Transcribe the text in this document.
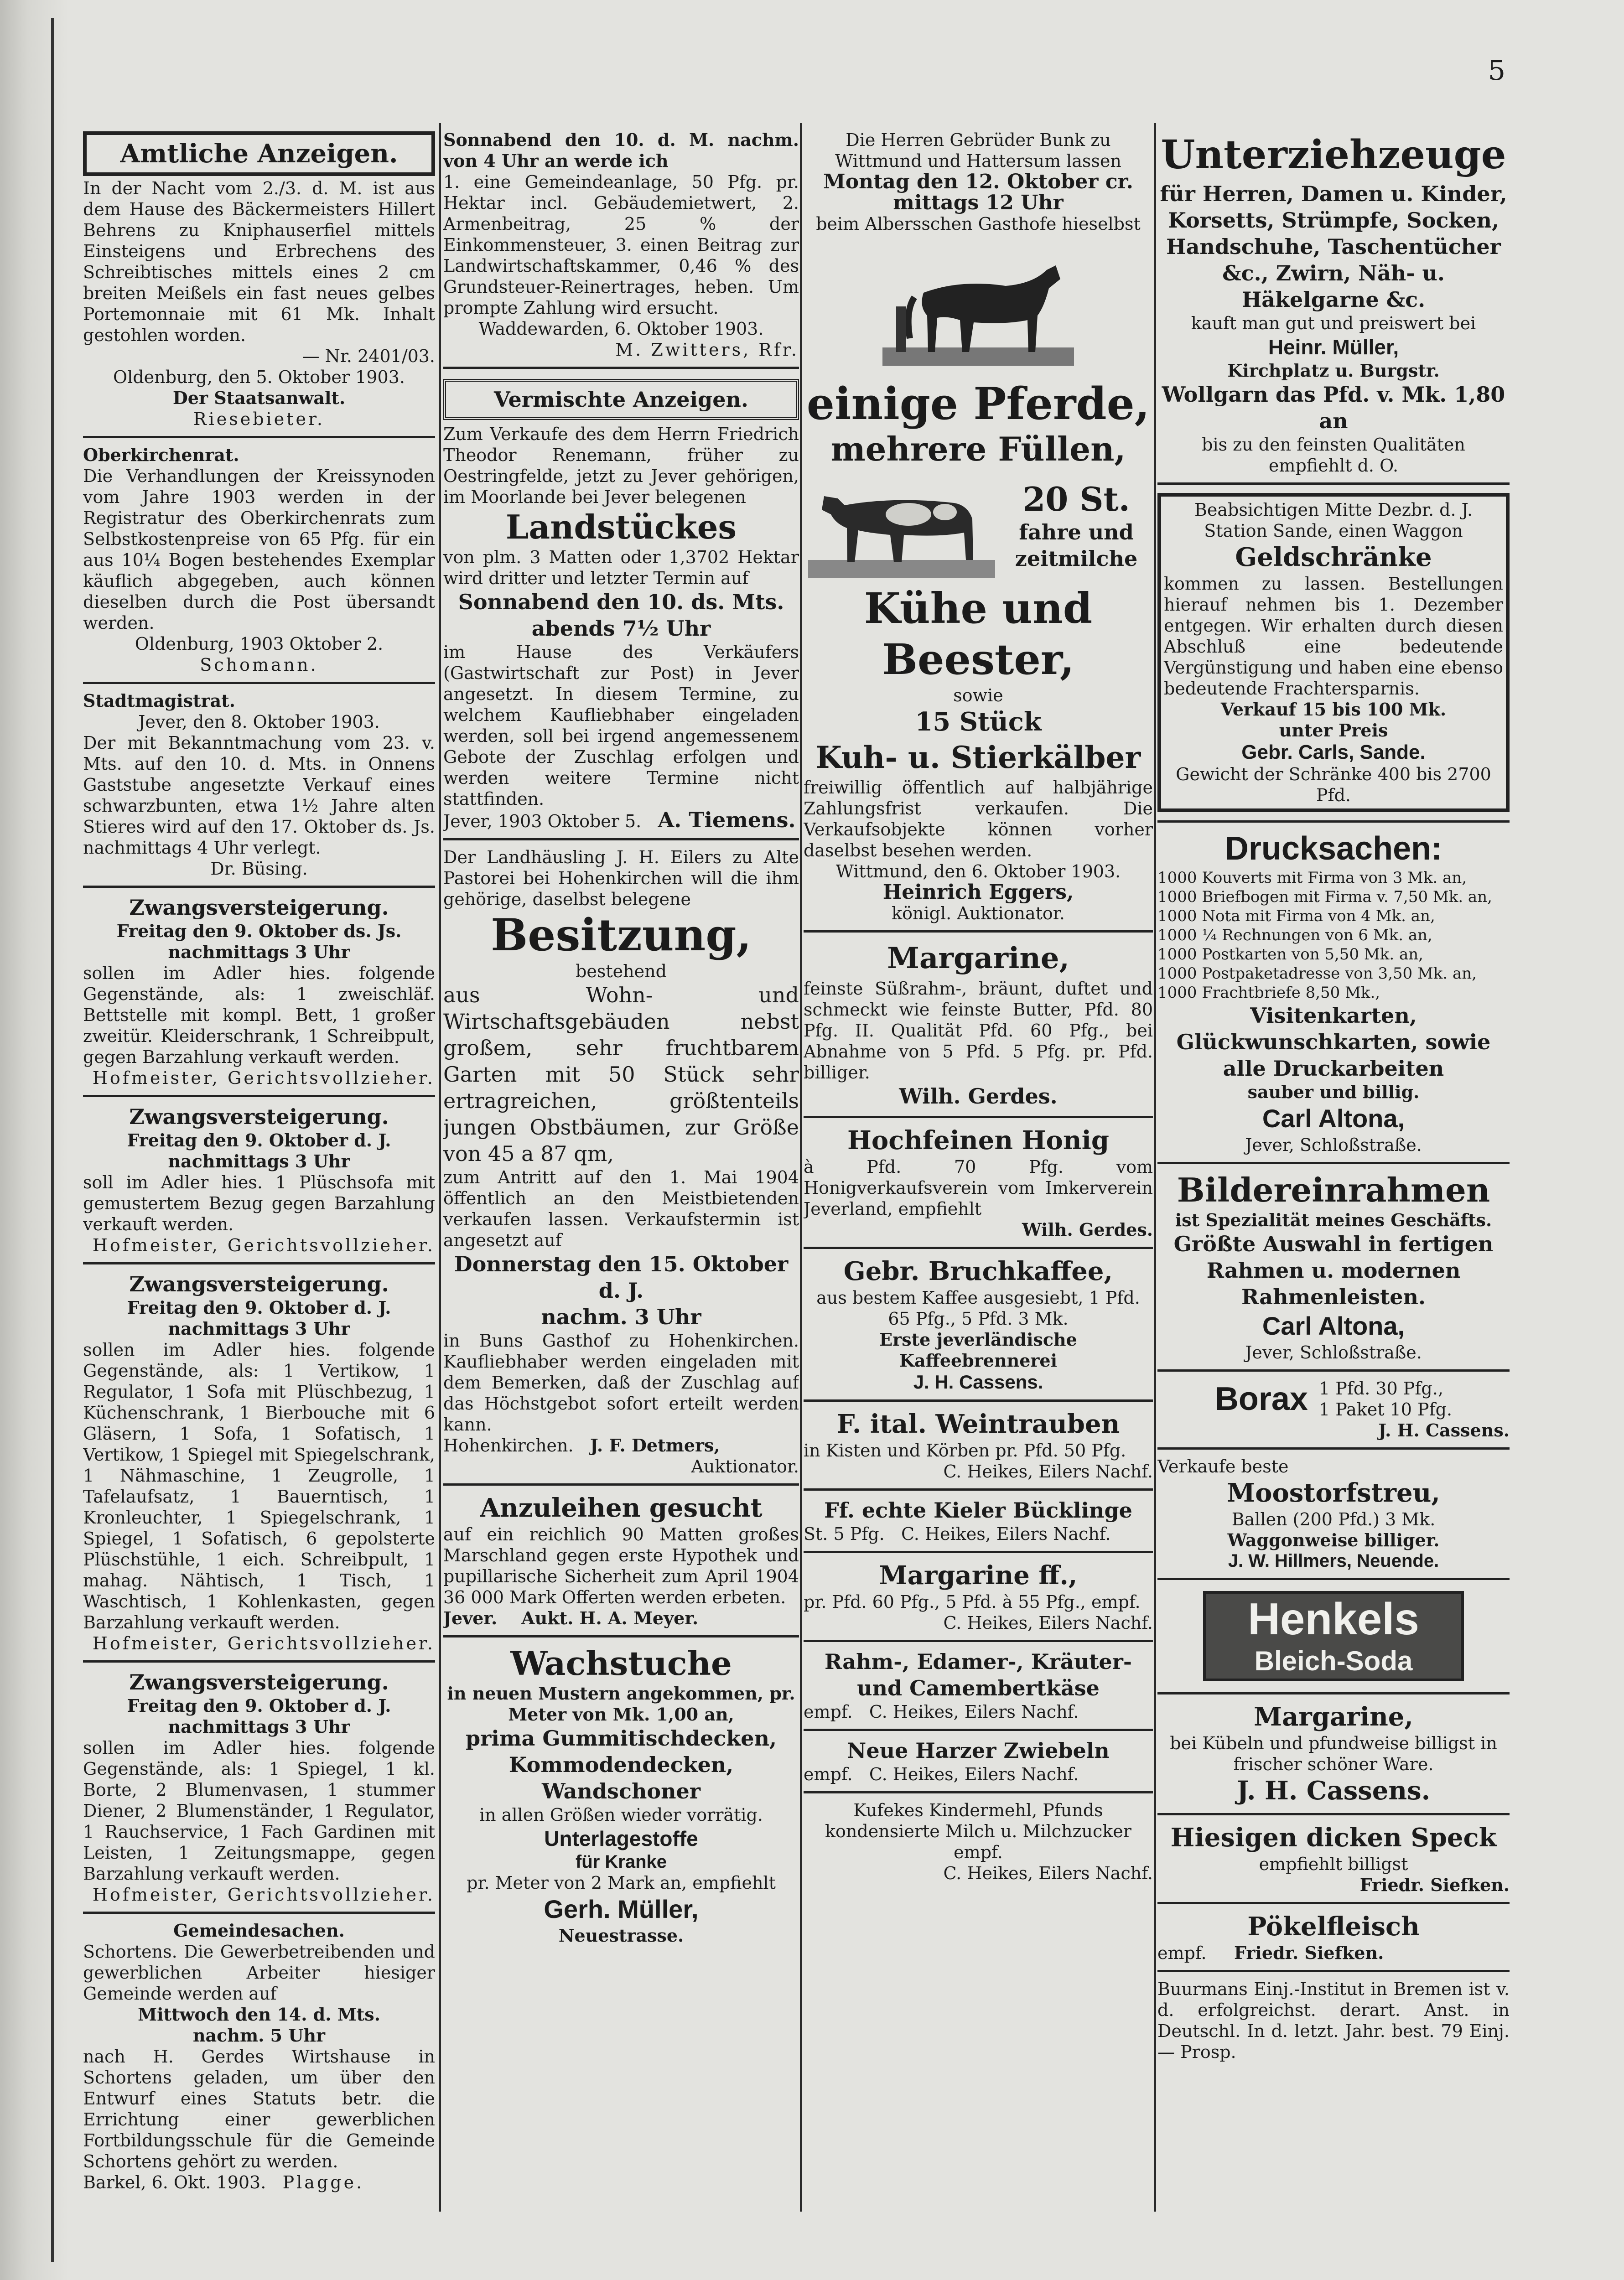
5

Amtliche Anzeigen.

In der Nacht vom 2./3. d. M. ist aus dem Hause des Bäckermeisters Hillert Behrens zu Kniphauserfiel mittels Einsteigens und Erbrechens des Schreibtisches mittels eines 2 cm breiten Meißels ein fast neues gelbes Portemonnaie mit 61 Mk. Inhalt gestohlen worden.

— Nr. 2401/03.

Oldenburg, den 5. Oktober 1903.

Der Staatsanwalt.

Riesebieter.

Oberkirchenrat.

Die Verhandlungen der Kreissynoden vom Jahre 1903 werden in der Registratur des Oberkirchenrats zum Selbstkostenpreise von 65 Pfg. für ein aus 10¼ Bogen bestehendes Exemplar käuflich abgegeben, auch können dieselben durch die Post übersandt werden.

Oldenburg, 1903 Oktober 2.

Schomann.

Stadtmagistrat.

Jever, den 8. Oktober 1903.

Der mit Bekanntmachung vom 23. v. Mts. auf den 10. d. Mts. in Onnens Gaststube angesetzte Verkauf eines schwarzbunten, etwa 1½ Jahre alten Stieres wird auf den 17. Oktober ds. Js. nachmittags 4 Uhr verlegt.

Dr. Büsing.

Zwangsversteigerung.

Freitag den 9. Oktober ds. Js.

nachmittags 3 Uhr

sollen im Adler hies. folgende Gegenstände, als: 1 zweischläf. Bettstelle mit kompl. Bett, 1 großer zweitür. Kleiderschrank, 1 Schreibpult, gegen Barzahlung verkauft werden.

Hofmeister, Gerichtsvollzieher.

Zwangsversteigerung.

Freitag den 9. Oktober d. J.

nachmittags 3 Uhr

soll im Adler hies. 1 Plüschsofa mit gemustertem Bezug gegen Barzahlung verkauft werden.

Hofmeister, Gerichtsvollzieher.

Zwangsversteigerung.

Freitag den 9. Oktober d. J.

nachmittags 3 Uhr

sollen im Adler hies. folgende Gegenstände, als: 1 Vertikow, 1 Regulator, 1 Sofa mit Plüschbezug, 1 Küchenschrank, 1 Bierbouche mit 6 Gläsern, 1 Sofa, 1 Sofatisch, 1 Vertikow, 1 Spiegel mit Spiegelschrank, 1 Nähmaschine, 1 Zeugrolle, 1 Tafelaufsatz, 1 Bauerntisch, 1 Kronleuchter, 1 Spiegelschrank, 1 Spiegel, 1 Sofatisch, 6 gepolsterte Plüschstühle, 1 eich. Schreibpult, 1 mahag. Nähtisch, 1 Tisch, 1 Waschtisch, 1 Kohlenkasten, gegen Barzahlung verkauft werden.

Hofmeister, Gerichtsvollzieher.

Zwangsversteigerung.

Freitag den 9. Oktober d. J.

nachmittags 3 Uhr

sollen im Adler hies. folgende Gegenstände, als: 1 Spiegel, 1 kl. Borte, 2 Blumenvasen, 1 stummer Diener, 2 Blumenständer, 1 Regulator, 1 Rauchservice, 1 Fach Gardinen mit Leisten, 1 Zeitungsmappe, gegen Barzahlung verkauft werden.

Hofmeister, Gerichtsvollzieher.

Gemeindesachen.

Schortens. Die Gewerbetreibenden und gewerblichen Arbeiter hiesiger Gemeinde werden auf

Mittwoch den 14. d. Mts.

nachm. 5 Uhr

nach H. Gerdes Wirtshause in Schortens geladen, um über den Entwurf eines Statuts betr. die Errichtung einer gewerblichen Fortbildungsschule für die Gemeinde Schortens gehört zu werden.

Barkel, 6. Okt. 1903. Plagge.

Sonnabend den 10. d. M. nachm. von 4 Uhr an werde ich

1. eine Gemeindeanlage, 50 Pfg. pr. Hektar incl. Gebäudemietwert, 2. Armenbeitrag, 25 % der Einkommensteuer, 3. einen Beitrag zur Landwirtschaftskammer, 0,46 % des Grundsteuer-Reinertrages, heben. Um prompte Zahlung wird ersucht.

Waddewarden, 6. Oktober 1903.

M. Zwitters, Rfr.

Vermischte Anzeigen.

Zum Verkaufe des dem Herrn Friedrich Theodor Renemann, früher zu Oestringfelde, jetzt zu Jever gehörigen, im Moorlande bei Jever belegenen

Landstückes

von plm. 3 Matten oder 1,3702 Hektar wird dritter und letzter Termin auf

Sonnabend den 10. ds. Mts.

abends 7½ Uhr

im Hause des Verkäufers (Gastwirtschaft zur Post) in Jever angesetzt. In diesem Termine, zu welchem Kaufliebhaber eingeladen werden, soll bei irgend angemessenem Gebote der Zuschlag erfolgen und werden weitere Termine nicht stattfinden.

Jever, 1903 Oktober 5. A. Tiemens.

Der Landhäusling J. H. Eilers zu Alte Pastorei bei Hohenkirchen will die ihm gehörige, daselbst belegene

Besitzung,

bestehend

aus Wohn- und Wirtschaftsgebäuden nebst großem, sehr fruchtbarem Garten mit 50 Stück sehr ertragreichen, größtenteils jungen Obstbäumen, zur Größe von 45 a 87 qm,

zum Antritt auf den 1. Mai 1904 öffentlich an den Meistbietenden verkaufen lassen. Verkaufstermin ist angesetzt auf

Donnerstag den 15. Oktober d. J.

nachm. 3 Uhr

in Buns Gasthof zu Hohenkirchen. Kaufliebhaber werden eingeladen mit dem Bemerken, daß der Zuschlag auf das Höchstgebot sofort erteilt werden kann.

Hohenkirchen. J. F. Detmers,

Auktionator.

Anzuleihen gesucht

auf ein reichlich 90 Matten großes Marschland gegen erste Hypothek und pupillarische Sicherheit zum April 1904 36 000 Mark Offerten werden erbeten.

Jever. Aukt. H. A. Meyer.

Wachstuche

in neuen Mustern angekommen, pr. Meter von Mk. 1,00 an,

prima Gummitischdecken, Kommodendecken, Wandschoner

in allen Größen wieder vorrätig.

Unterlagestoffe

für Kranke

pr. Meter von 2 Mark an, empfiehlt

Gerh. Müller,

Neuestrasse.

Die Herren Gebrüder Bunk zu Wittmund und Hattersum lassen

Montag den 12. Oktober cr.

mittags 12 Uhr

beim Albersschen Gasthofe hieselbst

einige Pferde,

mehrere Füllen,

20 St.

fahre und zeitmilche

Kühe und Beester,

sowie

15 Stück

Kuh- u. Stierkälber

freiwillig öffentlich auf halbjährige Zahlungsfrist verkaufen. Die Verkaufsobjekte können vorher daselbst besehen werden.

Wittmund, den 6. Oktober 1903.

Heinrich Eggers,

königl. Auktionator.

Margarine,

feinste Süßrahm-, bräunt, duftet und schmeckt wie feinste Butter, Pfd. 80 Pfg. II. Qualität Pfd. 60 Pfg., bei Abnahme von 5 Pfd. 5 Pfg. pr. Pfd. billiger.

Wilh. Gerdes.

Hochfeinen Honig

à Pfd. 70 Pfg. vom Honigverkaufsverein vom Imkerverein Jeverland, empfiehlt

Wilh. Gerdes.

Gebr. Bruchkaffee,

aus bestem Kaffee ausgesiebt, 1 Pfd. 65 Pfg., 5 Pfd. 3 Mk.

Erste jeverländische Kaffeebrennerei

J. H. Cassens.

F. ital. Weintrauben

in Kisten und Körben pr. Pfd. 50 Pfg.

C. Heikes, Eilers Nachf.

Ff. echte Kieler Bücklinge

St. 5 Pfg. C. Heikes, Eilers Nachf.

Margarine ff.,

pr. Pfd. 60 Pfg., 5 Pfd. à 55 Pfg., empf.

C. Heikes, Eilers Nachf.

Rahm-, Edamer-, Kräuter- und Camembertkäse

empf. C. Heikes, Eilers Nachf.

Neue Harzer Zwiebeln

empf. C. Heikes, Eilers Nachf.

Kufekes Kindermehl, Pfunds kondensierte Milch u. Milchzucker empf.

C. Heikes, Eilers Nachf.

Unterziehzeuge

für Herren, Damen u. Kinder,

Korsetts, Strümpfe, Socken, Handschuhe, Taschentücher &c., Zwirn, Näh- u. Häkelgarne &c.

kauft man gut und preiswert bei

Heinr. Müller,

Kirchplatz u. Burgstr.

Wollgarn das Pfd. v. Mk. 1,80 an

bis zu den feinsten Qualitäten empfiehlt d. O.

Beabsichtigen Mitte Dezbr. d. J. Station Sande, einen Waggon

Geldschränke

kommen zu lassen. Bestellungen hierauf nehmen bis 1. Dezember entgegen. Wir erhalten durch diesen Abschluß eine bedeutende Vergünstigung und haben eine ebenso bedeutende Frachtersparnis.

Verkauf 15 bis 100 Mk.

unter Preis

Gebr. Carls, Sande.

Gewicht der Schränke 400 bis 2700 Pfd.

Drucksachen:

1000 Kouverts mit Firma von 3 Mk. an,

1000 Briefbogen mit Firma v. 7,50 Mk. an,

1000 Nota mit Firma von 4 Mk. an,

1000 ¼ Rechnungen von 6 Mk. an,

1000 Postkarten von 5,50 Mk. an,

1000 Postpaketadresse von 3,50 Mk. an,

1000 Frachtbriefe 8,50 Mk.,

Visitenkarten, Glückwunschkarten, sowie alle Druckarbeiten

sauber und billig.

Carl Altona,

Jever, Schloßstraße.

Bildereinrahmen

ist Spezialität meines Geschäfts.

Größte Auswahl in fertigen Rahmen u. modernen Rahmenleisten.

Carl Altona,

Jever, Schloßstraße.

Borax 1 Pfd. 30 Pfg.,

1 Paket 10 Pfg.

J. H. Cassens.

Verkaufe beste

Moostorfstreu,

Ballen (200 Pfd.) 3 Mk.

Waggonweise billiger.

J. W. Hillmers, Neuende.

Henkels

Bleich-Soda

Margarine,

bei Kübeln und pfundweise billigst in frischer schöner Ware.

J. H. Cassens.

Hiesigen dicken Speck

empfiehlt billigst

Friedr. Siefken.

Pökelfleisch

empf. Friedr. Siefken.

Buurmans Einj.-Institut in Bremen ist v. d. erfolgreichst. derart. Anst. in Deutschl. In d. letzt. Jahr. best. 79 Einj. — Prosp.
